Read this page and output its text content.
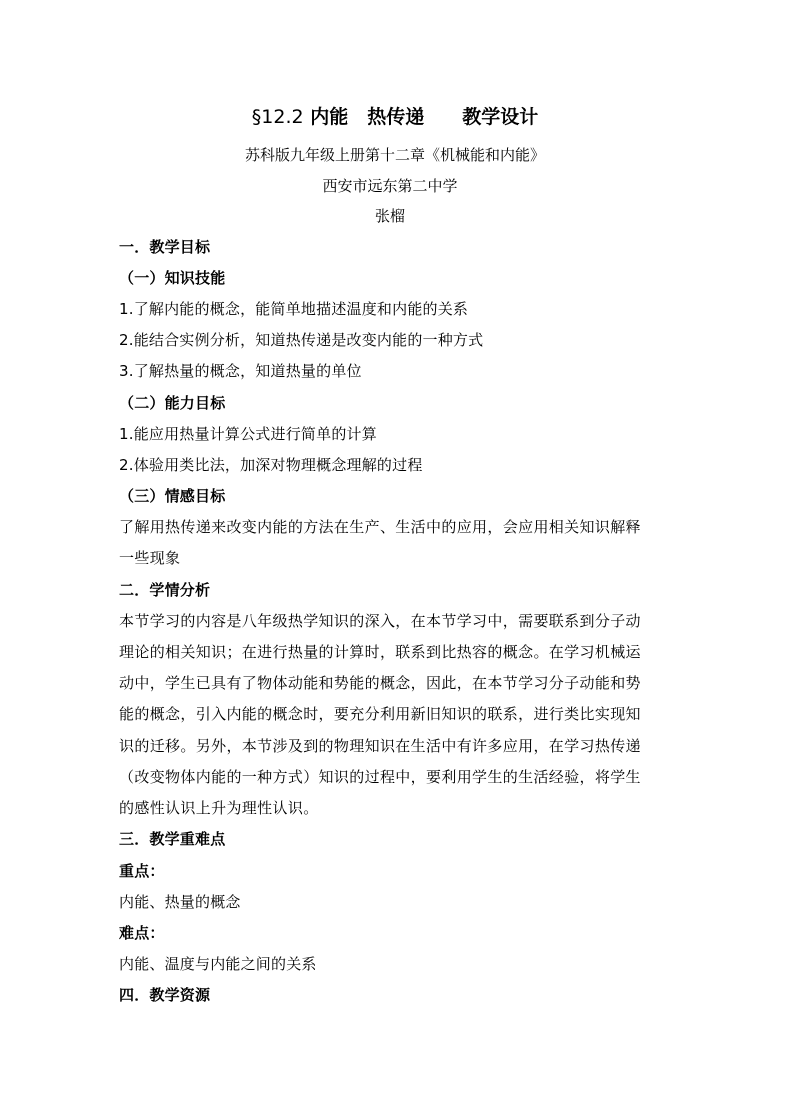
§12.2 内能　热传递　　教学设计
苏科版九年级上册第十二章《机械能和内能》
西安市远东第二中学
张榴
一．教学目标
（一）知识技能
1.了解内能的概念，能简单地描述温度和内能的关系
2.能结合实例分析，知道热传递是改变内能的一种方式
3.了解热量的概念，知道热量的单位
（二）能力目标
1.能应用热量计算公式进行简单的计算
2.体验用类比法，加深对物理概念理解的过程
（三）情感目标
了解用热传递来改变内能的方法在生产、生活中的应用，会应用相关知识解释
一些现象
二．学情分析
本节学习的内容是八年级热学知识的深入，在本节学习中，需要联系到分子动
理论的相关知识；在进行热量的计算时，联系到比热容的概念。在学习机械运
动中，学生已具有了物体动能和势能的概念，因此，在本节学习分子动能和势
能的概念，引入内能的概念时，要充分利用新旧知识的联系，进行类比实现知
识的迁移。另外，本节涉及到的物理知识在生活中有许多应用，在学习热传递
（改变物体内能的一种方式）知识的过程中，要利用学生的生活经验，将学生
的感性认识上升为理性认识。
三．教学重难点
重点：
内能、热量的概念
难点：
内能、温度与内能之间的关系
四．教学资源
